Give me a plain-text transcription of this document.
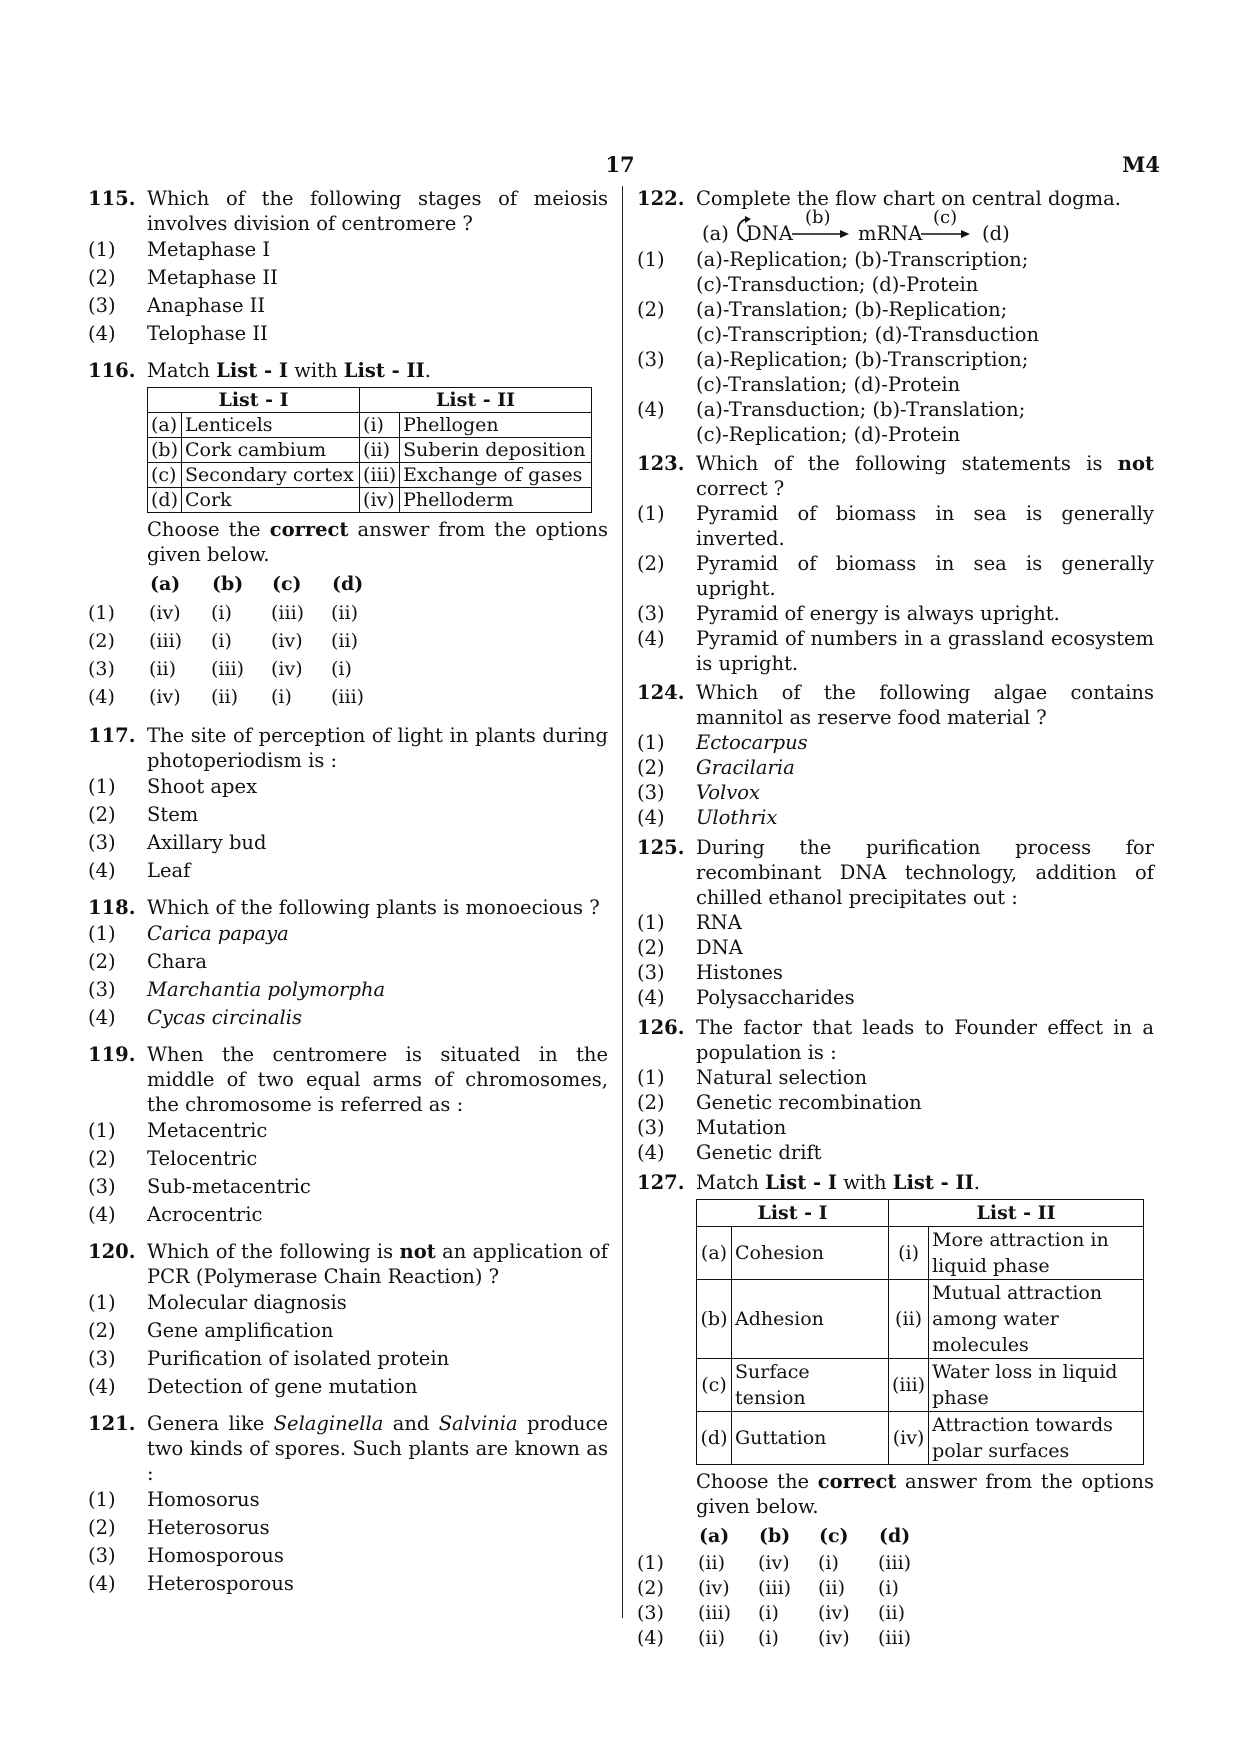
17	M4
115. Which of the following stages of meiosis involves division of centromere ?
(1) Metaphase I
(2) Metaphase II
(3) Anaphase II
(4) Telophase II
116. Match List - I with List - II.
List - I		List - II	
(a)	Lenticels	(i)	Phellogen
(b)	Cork cambium	(ii)	Suberin deposition
(c)	Secondary cortex	(iii)	Exchange of gases
(d)	Cork	(iv)	Phelloderm
Choose the correct answer from the options given below.
	(a)	(b)	(c)	(d)
(1)	(iv)	(i)	(iii)	(ii)
(2)	(iii)	(i)	(iv)	(ii)
(3)	(ii)	(iii)	(iv)	(i)
(4)	(iv)	(ii)	(i)	(iii)
117. The site of perception of light in plants during photoperiodism is :
(1) Shoot apex
(2) Stem
(3) Axillary bud
(4) Leaf
118. Which of the following plants is monoecious ?
(1) Carica papaya
(2) Chara
(3) Marchantia polymorpha
(4) Cycas circinalis
119. When the centromere is situated in the middle of two equal arms of chromosomes, the chromosome is referred as :
(1) Metacentric
(2) Telocentric
(3) Sub-metacentric
(4) Acrocentric
120. Which of the following is not an application of PCR (Polymerase Chain Reaction) ?
(1) Molecular diagnosis
(2) Gene amplification
(3) Purification of isolated protein
(4) Detection of gene mutation
121. Genera like Selaginella and Salvinia produce two kinds of spores. Such plants are known as :
(1) Homosorus
(2) Heterosorus
(3) Homosporous
(4) Heterosporous
122. Complete the flow chart on central dogma.
(a) DNA
(b)
mRNA
(c)
(d)
(1) (a)-Replication; (b)-Transcription;
(c)-Transduction; (d)-Protein
(2) (a)-Translation; (b)-Replication;
(c)-Transcription; (d)-Transduction
(3) (a)-Replication; (b)-Transcription;
(c)-Translation; (d)-Protein
(4) (a)-Transduction; (b)-Translation;
(c)-Replication; (d)-Protein
123. Which of the following statements is not correct ?
(1) Pyramid of biomass in sea is generally inverted.
(2) Pyramid of biomass in sea is generally upright.
(3) Pyramid of energy is always upright.
(4) Pyramid of numbers in a grassland ecosystem is upright.
124. Which of the following algae contains mannitol as reserve food material ?
(1) Ectocarpus
(2) Gracilaria
(3) Volvox
(4) Ulothrix
125. During the purification process for recombinant DNA technology, addition of chilled ethanol precipitates out :
(1) RNA
(2) DNA
(3) Histones
(4) Polysaccharides
126. The factor that leads to Founder effect in a population is :
(1) Natural selection
(2) Genetic recombination
(3) Mutation
(4) Genetic drift
127. Match List - I with List - II.
List - I		List - II	
(a)	Cohesion	(i)	More attraction in liquid phase
(b)	Adhesion	(ii)	Mutual attraction among water molecules
(c)	Surface tension	(iii)	Water loss in liquid phase
(d)	Guttation	(iv)	Attraction towards polar surfaces
Choose the correct answer from the options given below.
	(a)	(b)	(c)	(d)
(1)	(ii)	(iv)	(i)	(iii)
(2)	(iv)	(iii)	(ii)	(i)
(3)	(iii)	(i)	(iv)	(ii)
(4)	(ii)	(i)	(iv)	(iii)
